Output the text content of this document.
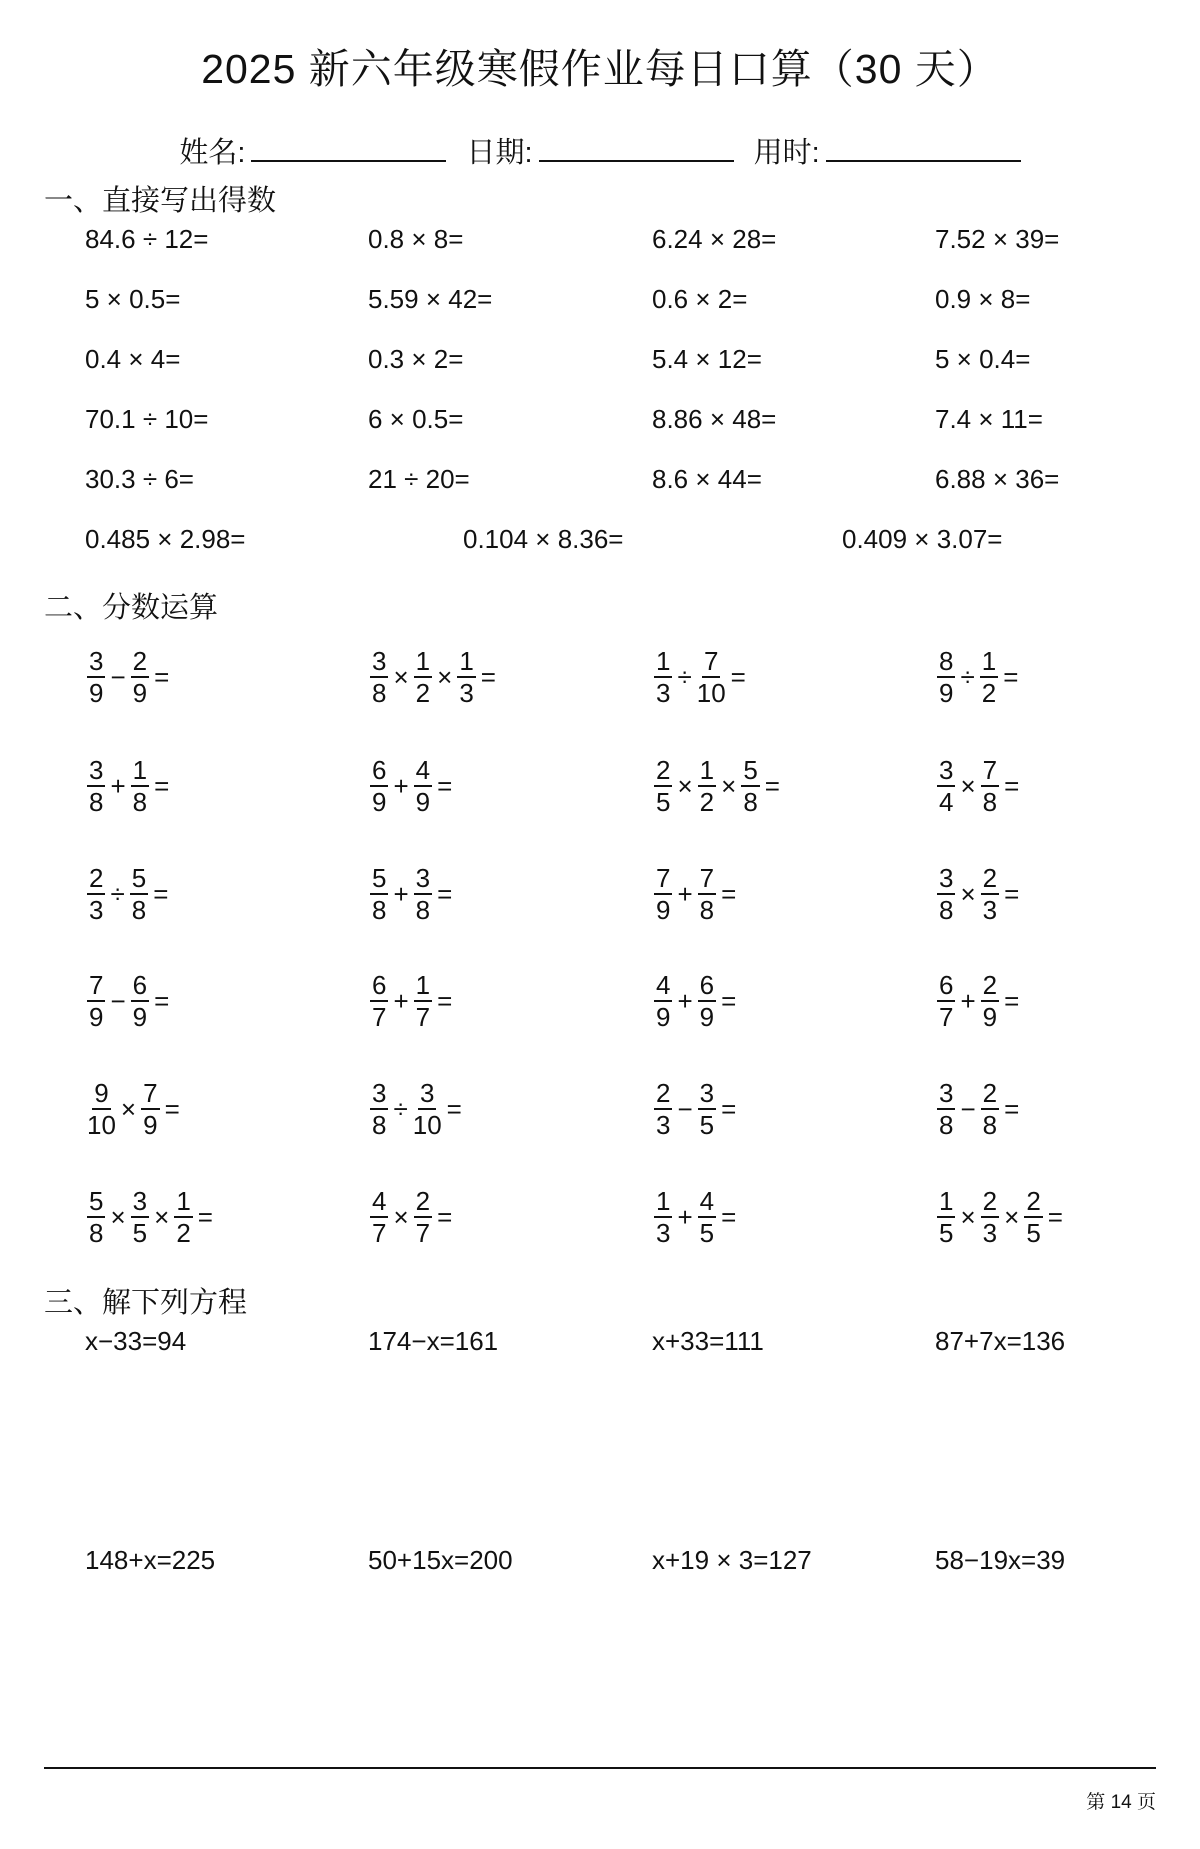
2025 新六年级寒假作业每日口算（30 天）
姓名:	日期:	用时:
一、直接写出得数
二、分数运算
三、解下列方程
84.6 ÷ 12=	0.8 × 8=	6.24 × 28=	7.52 × 39=
5 × 0.5=	5.59 × 42=	0.6 × 2=	0.9 × 8=
0.4 × 4=	0.3 × 2=	5.4 × 12=	5 × 0.4=
70.1 ÷ 10=	6 × 0.5=	8.86 × 48=	7.4 × 11=
30.3 ÷ 6=	21 ÷ 20=	8.6 × 44=	6.88 × 36=
0.485 × 2.98=	0.104 × 8.36=	0.409 × 3.07=
$\frac{3}{9} - \frac{2}{9}$ =	$\frac{3}{8} \times \frac{1}{2} \times \frac{1}{3}$ =	$\frac{1}{3} \div \frac{7}{10}$ =	$\frac{8}{9} \div \frac{1}{2}$ =
$\frac{3}{8} + \frac{1}{8}$ =	$\frac{6}{9} + \frac{4}{9}$ =	$\frac{2}{5} \times \frac{1}{2} \times \frac{5}{8}$ =	$\frac{3}{4} \times \frac{7}{8}$ =
$\frac{2}{3} \div \frac{5}{8}$ =	$\frac{5}{8} + \frac{3}{8}$ =	$\frac{7}{9} + \frac{7}{8}$ =	$\frac{3}{8} \times \frac{2}{3}$ =
$\frac{7}{9} - \frac{6}{9}$ =	$\frac{6}{7} + \frac{1}{7}$ =	$\frac{4}{9} + \frac{6}{9}$ =	$\frac{6}{7} + \frac{2}{9}$ =
$\frac{9}{10} \times \frac{7}{9}$ =	$\frac{3}{8} \div \frac{3}{10}$ =	$\frac{2}{3} - \frac{3}{5}$ =	$\frac{3}{8} - \frac{2}{8}$ =
$\frac{5}{8} \times \frac{3}{5} \times \frac{1}{2}$ =	$\frac{4}{7} \times \frac{2}{7}$ =	$\frac{1}{3} + \frac{4}{5}$ =	$\frac{1}{5} \times \frac{2}{3} \times \frac{2}{5}$ =
x−33=94	174−x=161	x+33=111	87+7x=136
148+x=225	50+15x=200	x+19 × 3=127	58−19x=39
第 14 页
